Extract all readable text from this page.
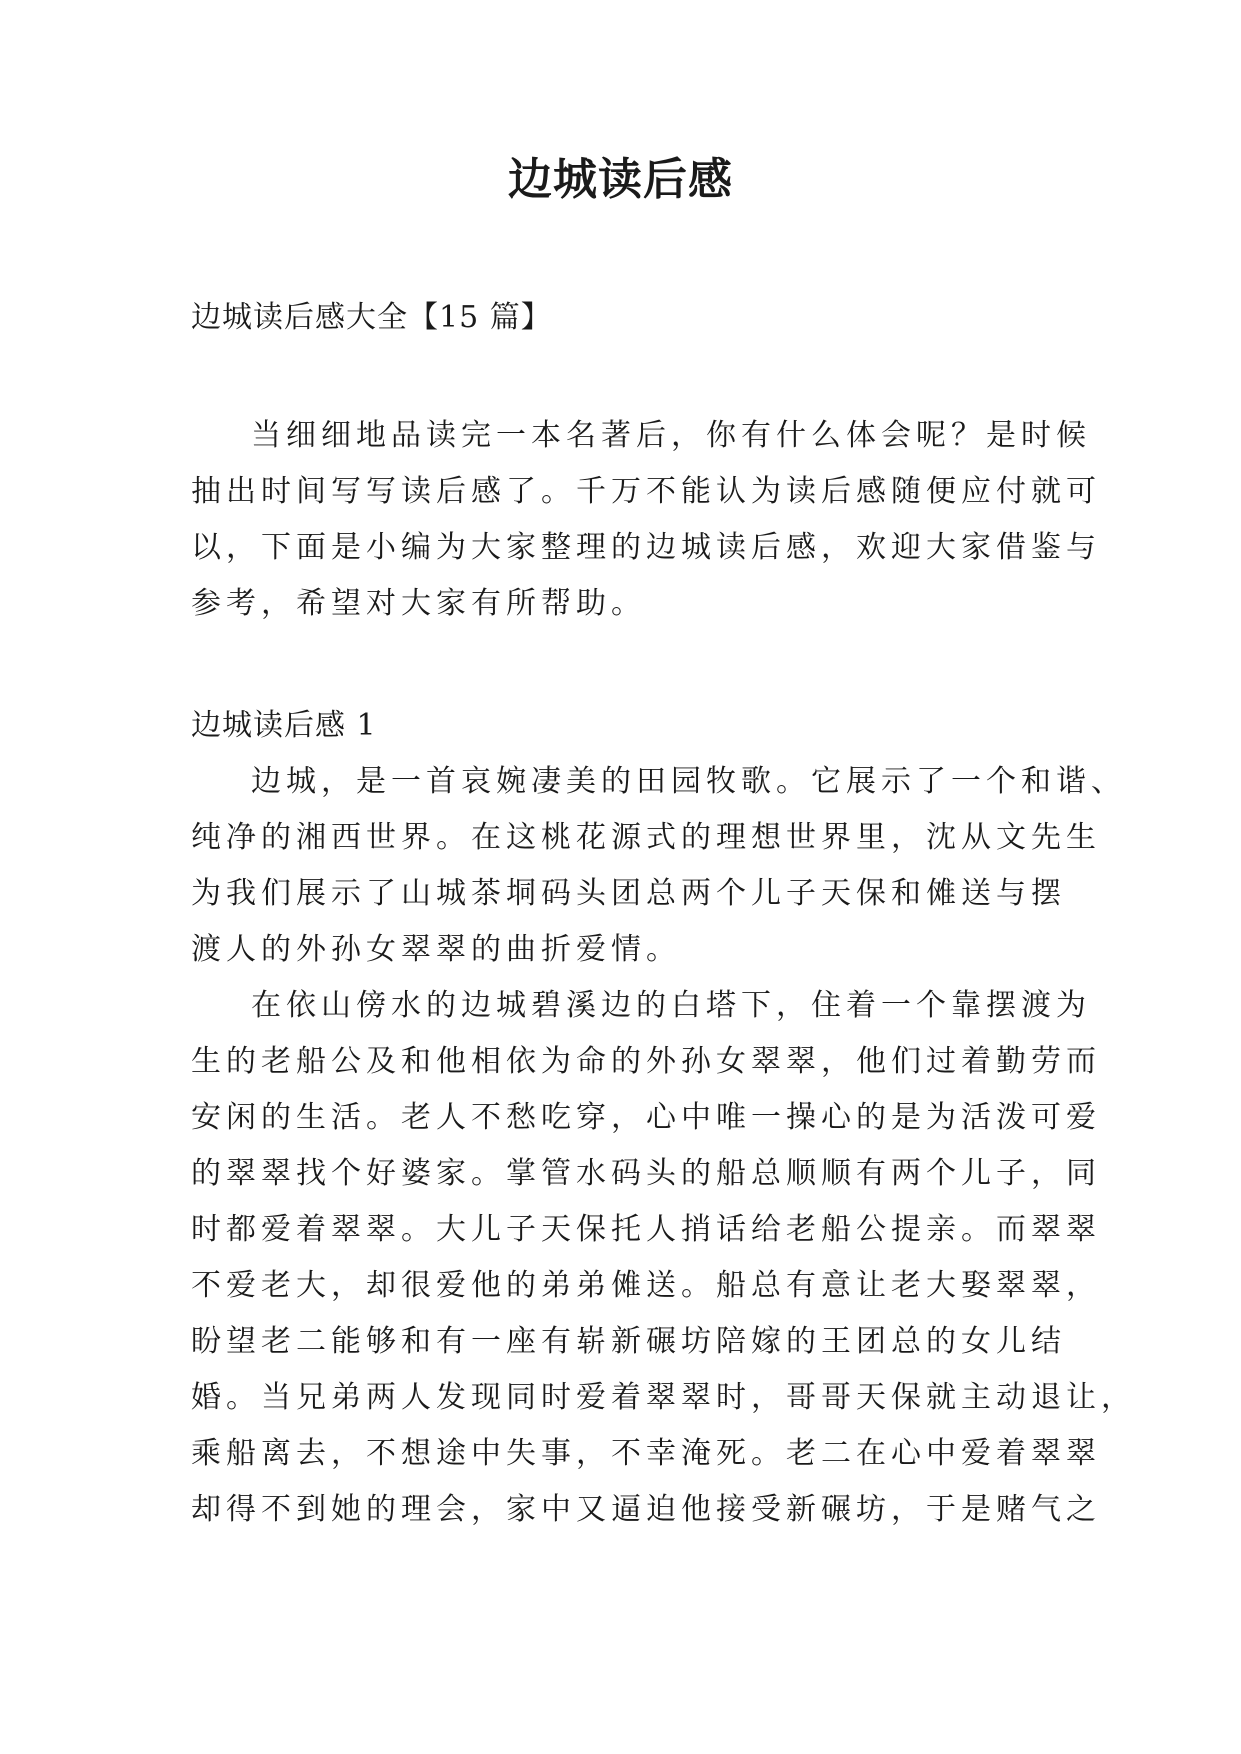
边城读后感
边城读后感大全【15 篇】
当细细地品读完一本名著后，你有什么体会呢？是时候
抽出时间写写读后感了。千万不能认为读后感随便应付就可
以，下面是小编为大家整理的边城读后感，欢迎大家借鉴与
参考，希望对大家有所帮助。
边城读后感 1
边城，是一首哀婉凄美的田园牧歌。它展示了一个和谐、
纯净的湘西世界。在这桃花源式的理想世界里，沈从文先生
为我们展示了山城茶垌码头团总两个儿子天保和傩送与摆
渡人的外孙女翠翠的曲折爱情。
在依山傍水的边城碧溪边的白塔下，住着一个靠摆渡为
生的老船公及和他相依为命的外孙女翠翠，他们过着勤劳而
安闲的生活。老人不愁吃穿，心中唯一操心的是为活泼可爱
的翠翠找个好婆家。掌管水码头的船总顺顺有两个儿子，同
时都爱着翠翠。大儿子天保托人捎话给老船公提亲。而翠翠
不爱老大，却很爱他的弟弟傩送。船总有意让老大娶翠翠，
盼望老二能够和有一座有崭新碾坊陪嫁的王团总的女儿结
婚。当兄弟两人发现同时爱着翠翠时，哥哥天保就主动退让，
乘船离去，不想途中失事，不幸淹死。老二在心中爱着翠翠
却得不到她的理会，家中又逼迫他接受新碾坊，于是赌气之
